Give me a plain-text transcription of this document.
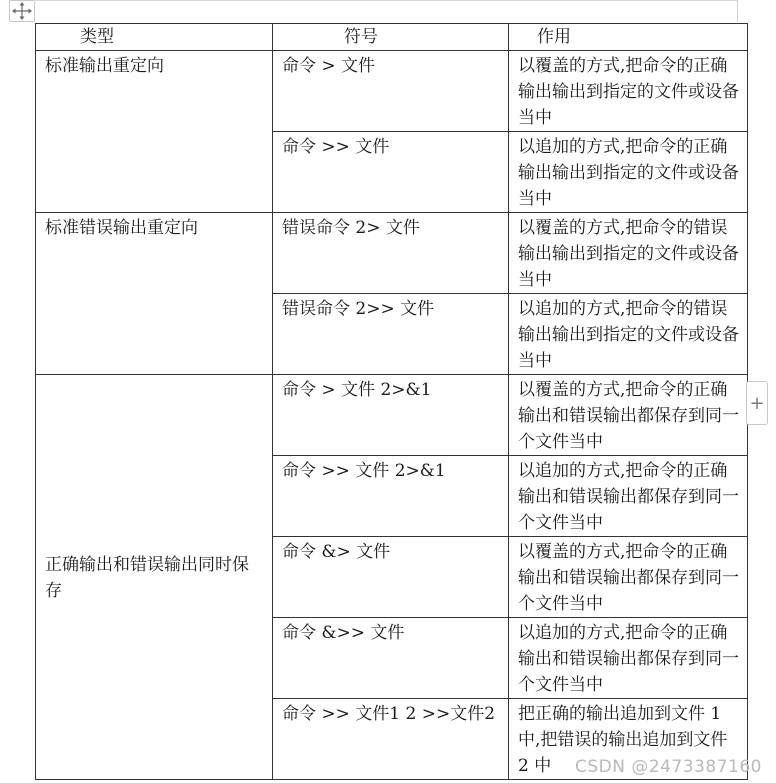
类型	符号	作用
标准输出重定向	命令 > 文件	以覆盖的方式,把命令的正确输出输出到指定的文件或设备当中
	命令 >> 文件	以追加的方式,把命令的正确输出输出到指定的文件或设备当中
标准错误输出重定向	错误命令 2> 文件	以覆盖的方式,把命令的错误输出输出到指定的文件或设备当中
	错误命令 2>> 文件	以追加的方式,把命令的错误输出输出到指定的文件或设备当中
正确输出和错误输出同时保存	命令 > 文件 2>&1	以覆盖的方式,把命令的正确输出和错误输出都保存到同一个文件当中
	命令 >> 文件 2>&1	以追加的方式,把命令的正确输出和错误输出都保存到同一个文件当中
	命令 &> 文件	以覆盖的方式,把命令的正确输出和错误输出都保存到同一个文件当中
	命令 &>> 文件	以追加的方式,把命令的正确输出和错误输出都保存到同一个文件当中
	命令 >> 文件1 2 >>文件2	把正确的输出追加到文件 1 中,把错误的输出追加到文件 2 中
+
CSDN @2473387160
